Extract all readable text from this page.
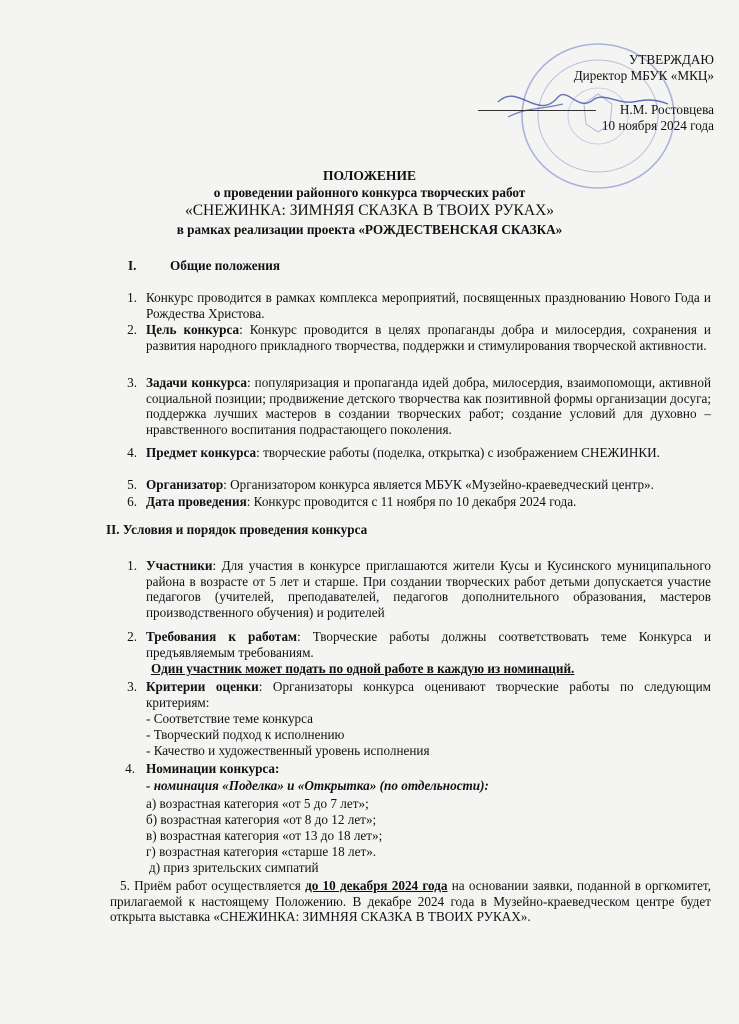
УТВЕРЖДАЮ
Директор МБУК «МКЦ»
Н.М. Ростовцева
10 ноября 2024 года
ПОЛОЖЕНИЕ
о проведении районного конкурса творческих работ
«СНЕЖИНКА: ЗИМНЯЯ СКАЗКА В ТВОИХ РУКАХ»
в рамках реализации проекта «РОЖДЕСТВЕНСКАЯ СКАЗКА»
I.	Общие положения
1. Конкурс проводится в рамках комплекса мероприятий, посвященных празднованию Нового Года и Рождества Христова.
2. Цель конкурса: Конкурс проводится в целях пропаганды добра и милосердия, сохранения и развития народного прикладного творчества, поддержки и стимулирования творческой активности.
3. Задачи конкурса: популяризация и пропаганда идей добра, милосердия, взаимопомощи, активной социальной позиции; продвижение детского творчества как позитивной формы организации досуга; поддержка лучших мастеров в создании творческих работ; создание условий для духовно – нравственного воспитания подрастающего поколения.
4. Предмет конкурса: творческие работы (поделка, открытка) с изображением СНЕЖИНКИ.
5. Организатор: Организатором конкурса является МБУК «Музейно-краеведческий центр».
6. Дата проведения: Конкурс проводится с 11 ноября по 10 декабря 2024 года.
II. Условия и порядок проведения конкурса
1. Участники: Для участия в конкурсе приглашаются жители Кусы и Кусинского муниципального района в возрасте от 5 лет и старше. При создании творческих работ детьми допускается участие педагогов (учителей, преподавателей, педагогов дополнительного образования, мастеров производственного обучения) и родителей
2. Требования к работам: Творческие работы должны соответствовать теме Конкурса и предъявляемым требованиям.
Один участник может подать по одной работе в каждую из номинаций.
3. Критерии оценки: Организаторы конкурса оценивают творческие работы по следующим критериям:
- Соответствие теме конкурса
- Творческий подход к исполнению
- Качество и художественный уровень исполнения
4. Номинации конкурса:
- номинация «Поделка» и «Открытка» (по отдельности):
а) возрастная категория «от 5 до 7 лет»;
б) возрастная категория «от 8 до 12 лет»;
в) возрастная категория «от 13 до 18 лет»;
г) возрастная категория «старше 18 лет».
д) приз зрительских симпатий
5. Приём работ осуществляется до 10 декабря 2024 года на основании заявки, поданной в оргкомитет, прилагаемой к настоящему Положению. В декабре 2024 года в Музейно-краеведческом центре будет открыта выставка «СНЕЖИНКА: ЗИМНЯЯ СКАЗКА В ТВОИХ РУКАХ».
